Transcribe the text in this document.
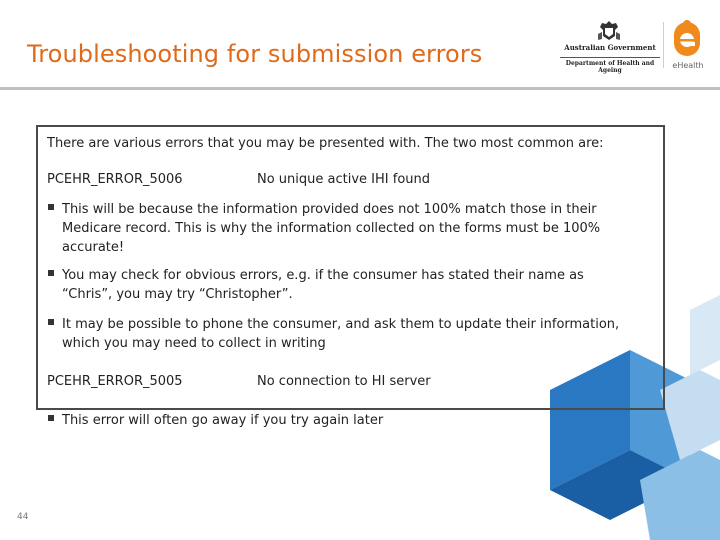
Troubleshooting for submission errors	Australian Government
Department of Health and Ageing
eHealth
There are various errors that you may be presented with. The two most common are:
PCEHR_ERROR_5006	No unique active IHI found
This will be because the information provided does not 100% match those in their Medicare record. This is why the information collected on the forms must be 100% accurate!
You may check for obvious errors, e.g. if the consumer has stated their name as “Chris”, you may try “Christopher”.
It may be possible to phone the consumer, and ask them to update their information, which you may need to collect in writing
PCEHR_ERROR_5005	No connection to HI server
This error will often go away if you try again later
44
